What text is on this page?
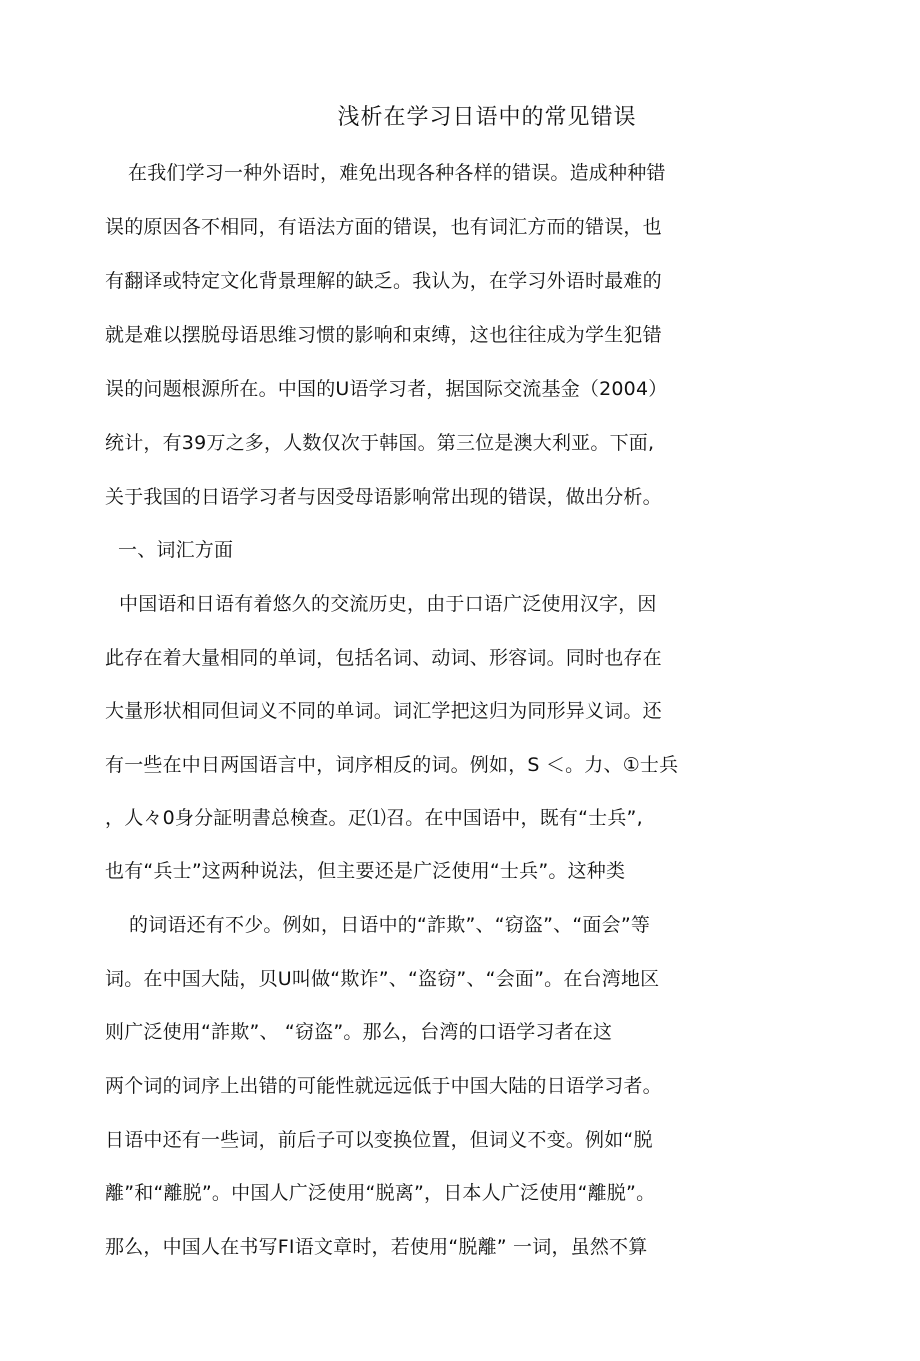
浅析在学习日语中的常见错误
在我们学习一种外语时，难免出现各种各样的错误。造成种种错
误的原因各不相同，有语法方面的错误，也有词汇方而的错误，也
有翻译或特定文化背景理解的缺乏。我认为，在学习外语时最难的
就是难以摆脱母语思维习惯的影响和束缚，这也往往成为学生犯错
误的问题根源所在。中国的U语学习者，据国际交流基金（2004）
统计，有39万之多，人数仅次于韩国。第三位是澳大利亚。下面,
关于我国的日语学习者与因受母语影响常出现的错误，做出分析。
一、词汇方面
中国语和日语有着悠久的交流历史，由于口语广泛使用汉字，因
此存在着大量相同的单词，包括名词、动词、形容词。同时也存在
大量形状相同但词义不同的单词。词汇学把这归为同形异义词。还
有一些在中日两国语言中，词序相反的词。例如，S ＜。力、①士兵
，人々0身分証明書总検查。疋⑴召。在中国语中，既有“士兵”,
也有“兵士”这两种说法，但主要还是广泛使用“士兵”。这种类
的词语还有不少。例如，日语中的“詐欺”、“窃盗”、“面会”等
词。在中国大陆，贝U叫做“欺诈”、“盗窃”、“会面”。在台湾地区
则广泛使用“詐欺”、 “窃盗”。那么，台湾的口语学习者在这
两个词的词序上出错的可能性就远远低于中国大陆的日语学习者。
日语中还有一些词，前后子可以变换位置，但词义不变。例如“脱
離”和“離脱”。中国人广泛使用“脱离”，日本人广泛使用“離脱”。
那么，中国人在书写FI语文章时，若使用“脱離” 一词，虽然不算
